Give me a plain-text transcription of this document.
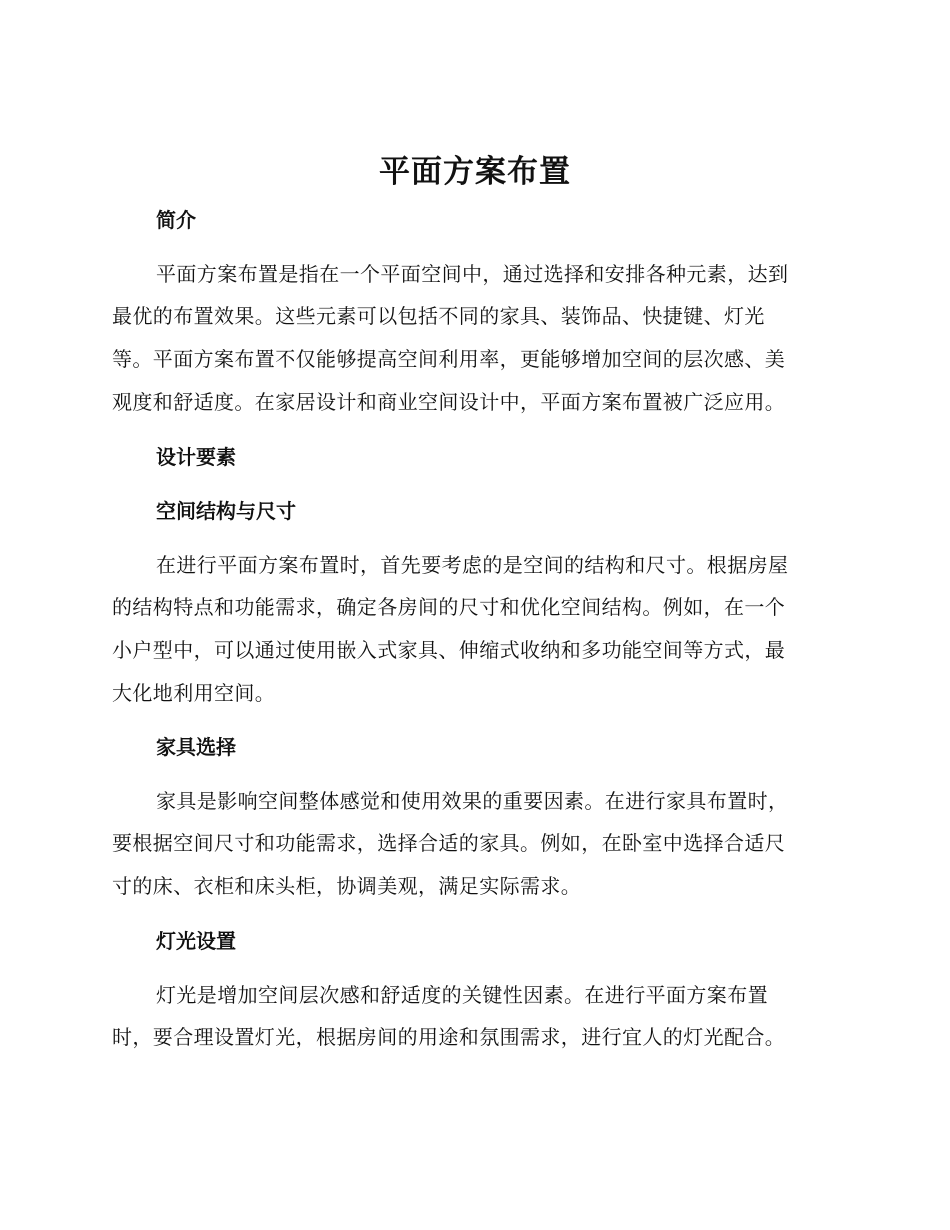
平面方案布置
简介
平面方案布置是指在一个平面空间中，通过选择和安排各种元素，达到
最优的布置效果。这些元素可以包括不同的家具、装饰品、快捷键、灯光
等。平面方案布置不仅能够提高空间利用率，更能够增加空间的层次感、美
观度和舒适度。在家居设计和商业空间设计中，平面方案布置被广泛应用。
设计要素
空间结构与尺寸
在进行平面方案布置时，首先要考虑的是空间的结构和尺寸。根据房屋
的结构特点和功能需求，确定各房间的尺寸和优化空间结构。例如，在一个
小户型中，可以通过使用嵌入式家具、伸缩式收纳和多功能空间等方式，最
大化地利用空间。
家具选择
家具是影响空间整体感觉和使用效果的重要因素。在进行家具布置时，
要根据空间尺寸和功能需求，选择合适的家具。例如，在卧室中选择合适尺
寸的床、衣柜和床头柜，协调美观，满足实际需求。
灯光设置
灯光是增加空间层次感和舒适度的关键性因素。在进行平面方案布置
时，要合理设置灯光，根据房间的用途和氛围需求，进行宜人的灯光配合。
